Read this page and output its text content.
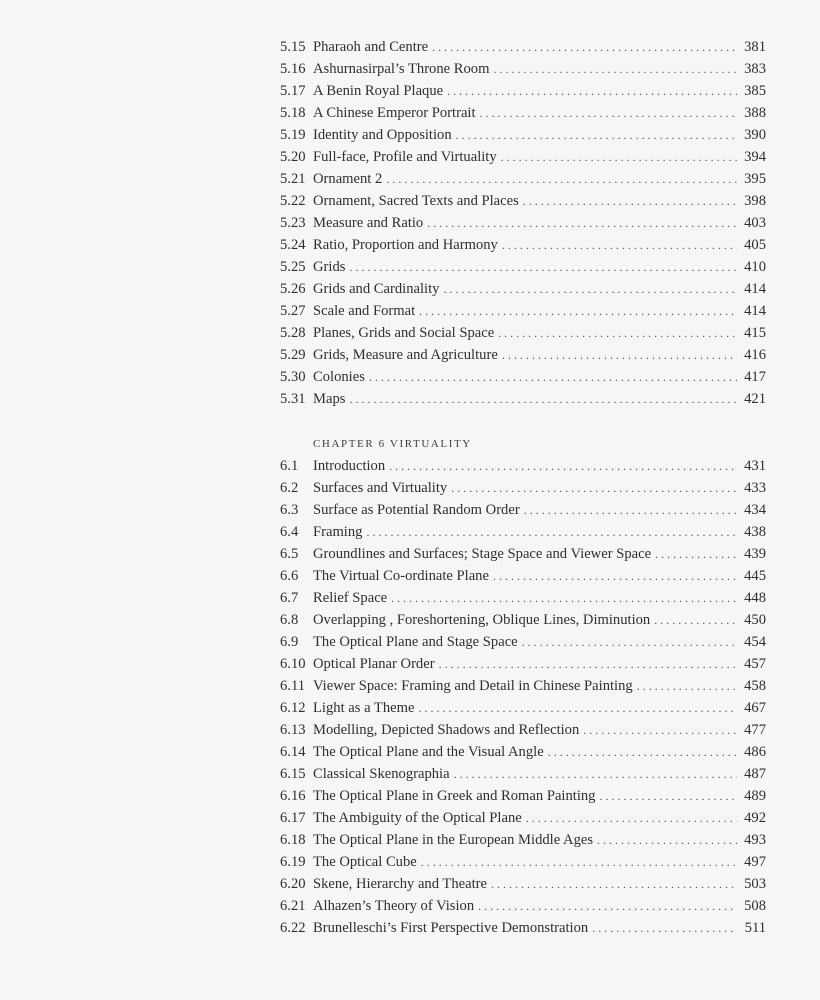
5.15 Pharaoh and Centre . . .	381
5.16 Ashurnasirpal’s Throne Room . . .	383
5.17 A Benin Royal Plaque . . .	385
5.18 A Chinese Emperor Portrait . . .	388
5.19 Identity and Opposition . . .	390
5.20 Full-face, Profile and Virtuality . . .	394
5.21 Ornament 2 . . .	395
5.22 Ornament, Sacred Texts and Places . . .	398
5.23 Measure and Ratio . . .	403
5.24 Ratio, Proportion and Harmony . . .	405
5.25 Grids . . .	410
5.26 Grids and Cardinality . . .	414
5.27 Scale and Format . . .	414
5.28 Planes, Grids and Social Space . . .	415
5.29 Grids, Measure and Agriculture . . .	416
5.30 Colonies . . .	417
5.31 Maps . . .	421
CHAPTER 6 VIRTUALITY
6.1	Introduction . . .	431
6.2	Surfaces and Virtuality . . .	433
6.3	Surface as Potential Random Order . . .	434
6.4	Framing . . .	438
6.5	Groundlines and Surfaces; Stage Space and Viewer Space . . .	439
6.6	The Virtual Co-ordinate Plane . . .	445
6.7	Relief Space . . .	448
6.8	Overlapping , Foreshortening, Oblique Lines, Diminution . . .	450
6.9	The Optical Plane and Stage Space . . .	454
6.10 Optical Planar Order . . .	457
6.11 Viewer Space: Framing and Detail in Chinese Painting . . .	458
6.12 Light as a Theme . . .	467
6.13 Modelling, Depicted Shadows and Reflection . . .	477
6.14 The Optical Plane and the Visual Angle . . .	486
6.15 Classical Skenographia . . .	487
6.16 The Optical Plane in Greek and Roman Painting . . .	489
6.17 The Ambiguity of the Optical Plane . . .	492
6.18 The Optical Plane in the European Middle Ages . . .	493
6.19 The Optical Cube . . .	497
6.20 Skene, Hierarchy and Theatre . . .	503
6.21 Alhazen’s Theory of Vision . . .	508
6.22 Brunelleschi’s First Perspective Demonstration . . .	511
